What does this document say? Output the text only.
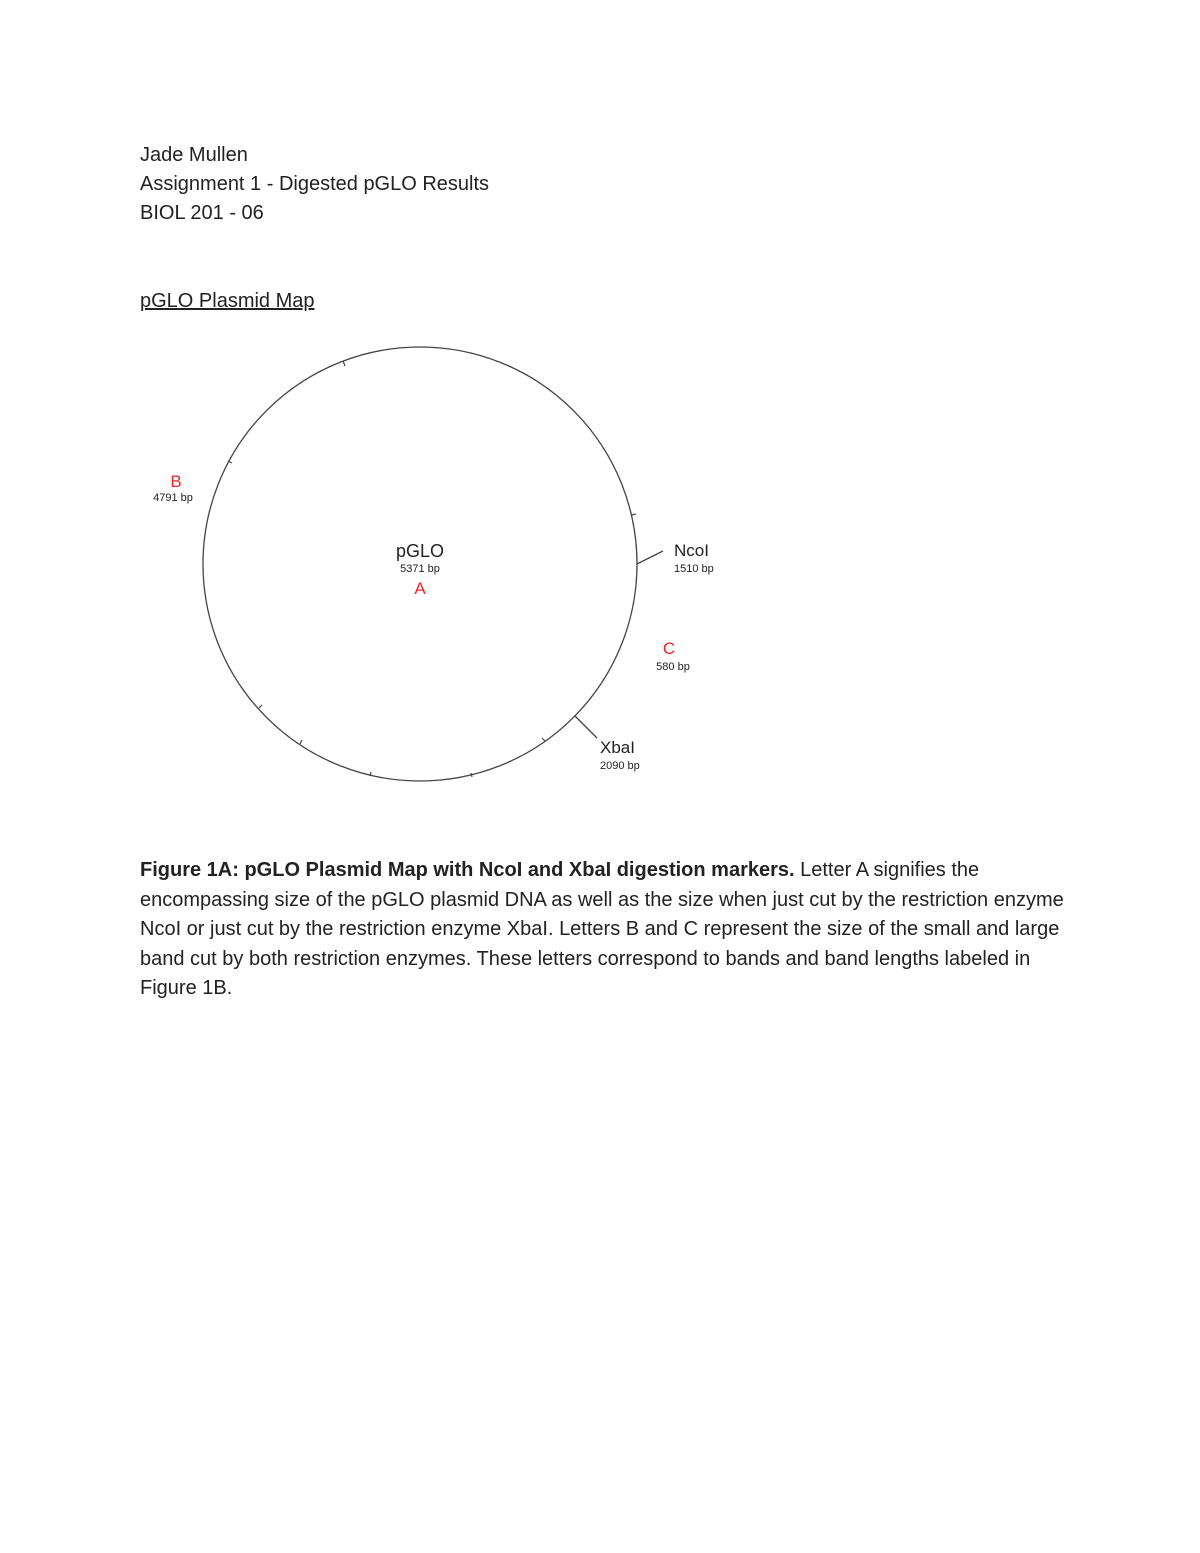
Jade Mullen
Assignment 1 - Digested pGLO Results
BIOL 201 - 06
pGLO Plasmid Map
pGLO
5371 bp
A
B
4791 bp
NcoI
1510 bp
C
580 bp
XbaI
2090 bp
Figure 1A: pGLO Plasmid Map with NcoI and XbaI digestion markers. Letter A signifies the encompassing size of the pGLO plasmid DNA as well as the size when just cut by the restriction enzyme NcoI or just cut by the restriction enzyme XbaI. Letters B and C represent the size of the small and large band cut by both restriction enzymes. These letters correspond to bands and band lengths labeled in Figure 1B.
